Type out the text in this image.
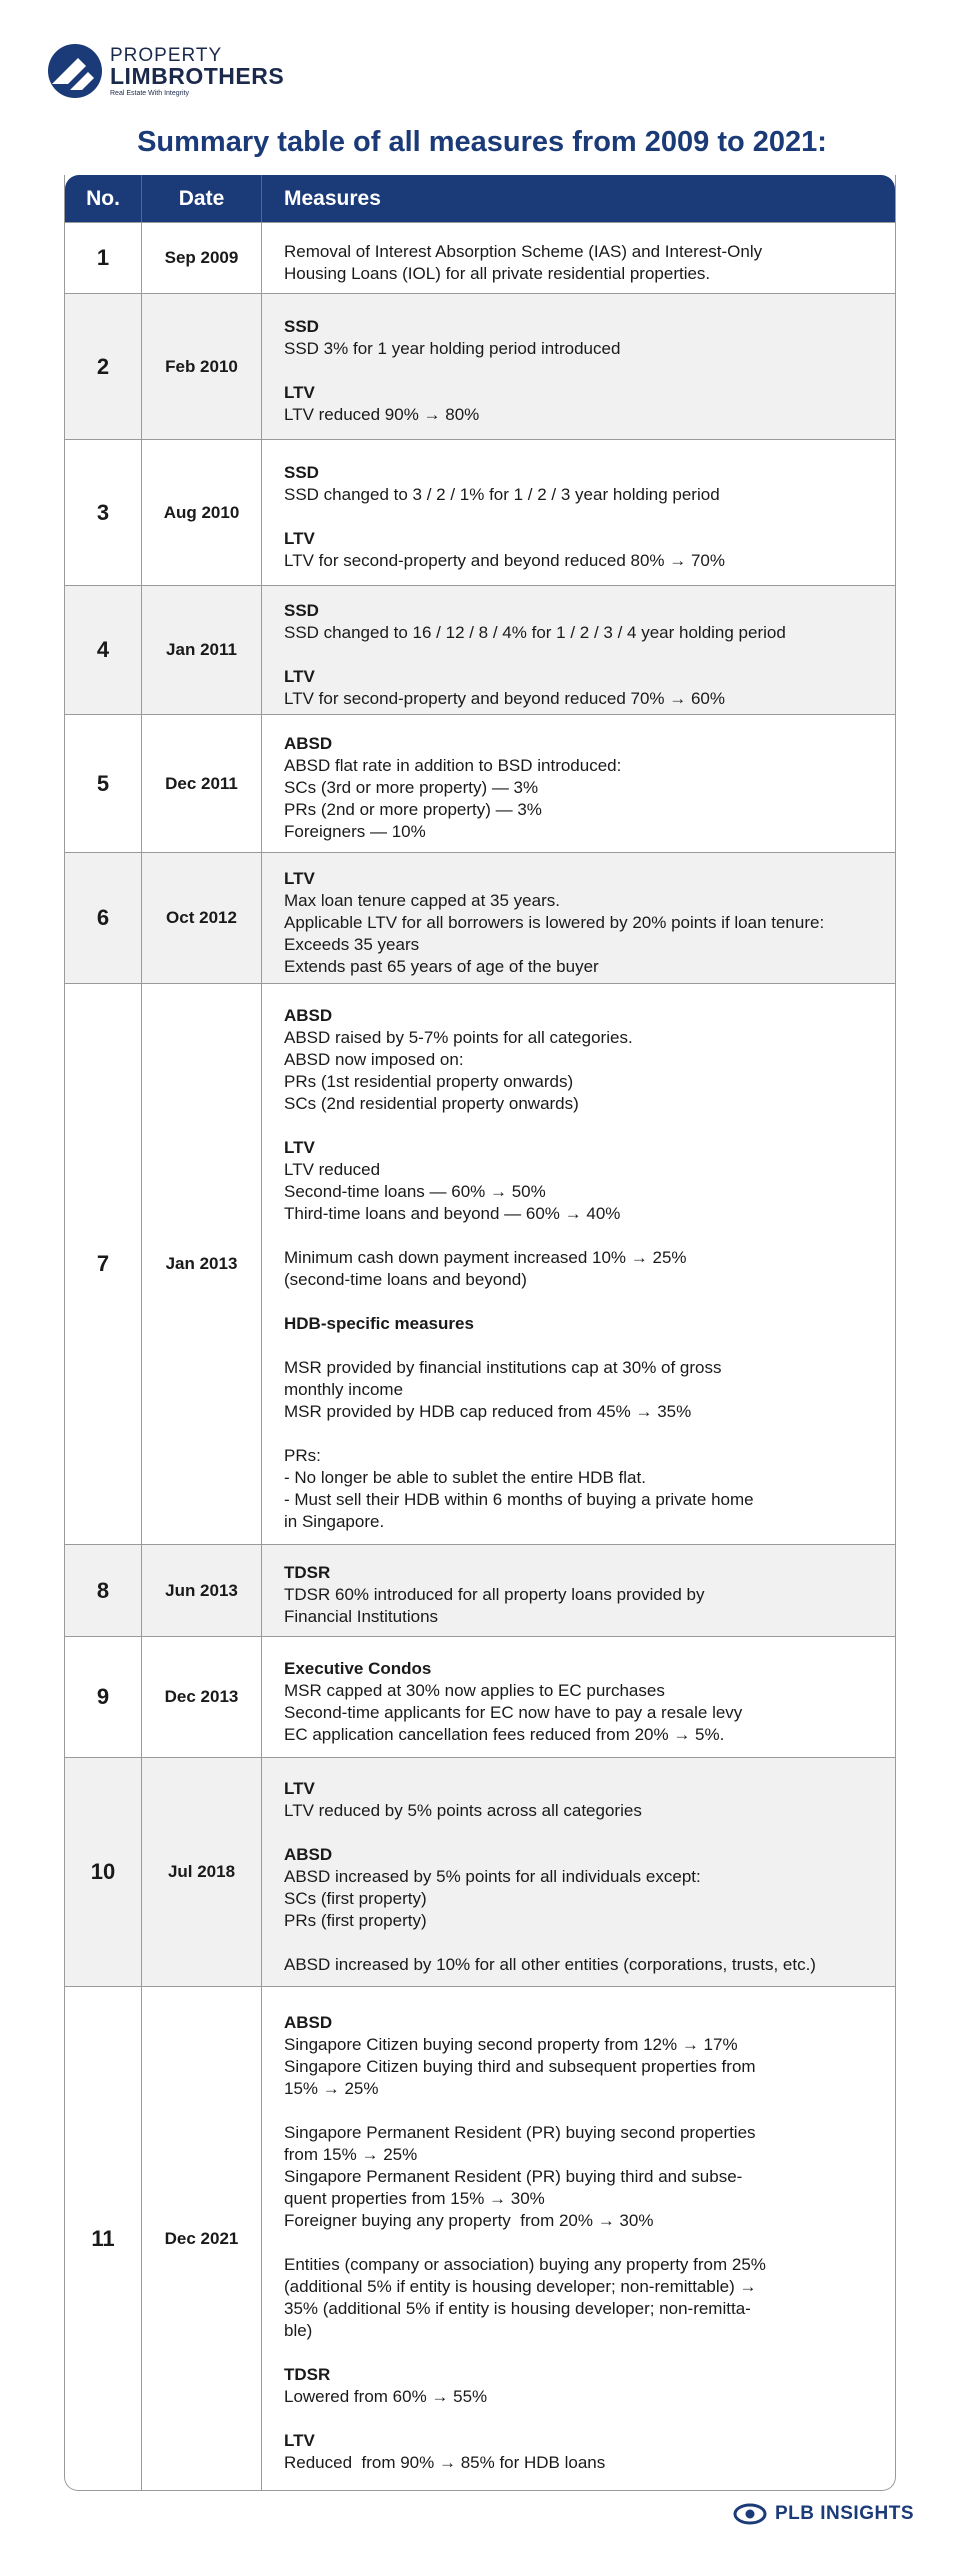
PROPERTY
LIMBROTHERS
Real Estate With Integrity
Summary table of all measures from 2009 to 2021:
No.	Date	Measures
1	Sep 2009	Removal of Interest Absorption Scheme (IAS) and Interest-Only
Housing Loans (IOL) for all private residential properties.
2	Feb 2010
SSD
SSD 3% for 1 year holding period introduced
LTV
LTV reduced 90% → 80%
3	Aug 2010
SSD
SSD changed to 3 / 2 / 1% for 1 / 2 / 3 year holding period
LTV
LTV for second-property and beyond reduced 80% → 70%
4	Jan 2011
SSD
SSD changed to 16 / 12 / 8 / 4% for 1 / 2 / 3 / 4 year holding period
LTV
LTV for second-property and beyond reduced 70% → 60%
5	Dec 2011
ABSD
ABSD flat rate in addition to BSD introduced:
SCs (3rd or more property) — 3%
PRs (2nd or more property) — 3%
Foreigners — 10%
6	Oct 2012
LTV
Max loan tenure capped at 35 years.
Applicable LTV for all borrowers is lowered by 20% points if loan tenure:
Exceeds 35 years
Extends past 65 years of age of the buyer
7	Jan 2013
ABSD
ABSD raised by 5-7% points for all categories.
ABSD now imposed on:
PRs (1st residential property onwards)
SCs (2nd residential property onwards)
LTV
LTV reduced
Second-time loans — 60% → 50%
Third-time loans and beyond — 60% → 40%
Minimum cash down payment increased 10% → 25%
(second-time loans and beyond)
HDB-specific measures
MSR provided by financial institutions cap at 30% of gross
monthly income
MSR provided by HDB cap reduced from 45% → 35%
PRs:
- No longer be able to sublet the entire HDB flat.
- Must sell their HDB within 6 months of buying a private home
in Singapore.
8	Jun 2013
TDSR
TDSR 60% introduced for all property loans provided by
Financial Institutions
9	Dec 2013
Executive Condos
MSR capped at 30% now applies to EC purchases
Second-time applicants for EC now have to pay a resale levy
EC application cancellation fees reduced from 20% → 5%.
10	Jul 2018
LTV
LTV reduced by 5% points across all categories
ABSD
ABSD increased by 5% points for all individuals except:
SCs (first property)
PRs (first property)
ABSD increased by 10% for all other entities (corporations, trusts, etc.)
11	Dec 2021
ABSD
Singapore Citizen buying second property from 12% → 17%
Singapore Citizen buying third and subsequent properties from
15% → 25%
Singapore Permanent Resident (PR) buying second properties
from 15% → 25%
Singapore Permanent Resident (PR) buying third and subse-
quent properties from 15% → 30%
Foreigner buying any property  from 20% → 30%
Entities (company or association) buying any property from 25%
(additional 5% if entity is housing developer; non-remittable) →
35% (additional 5% if entity is housing developer; non-remitta-
ble)
TDSR
Lowered from 60% → 55%
LTV
Reduced  from 90% → 85% for HDB loans
PLB INSIGHTS
